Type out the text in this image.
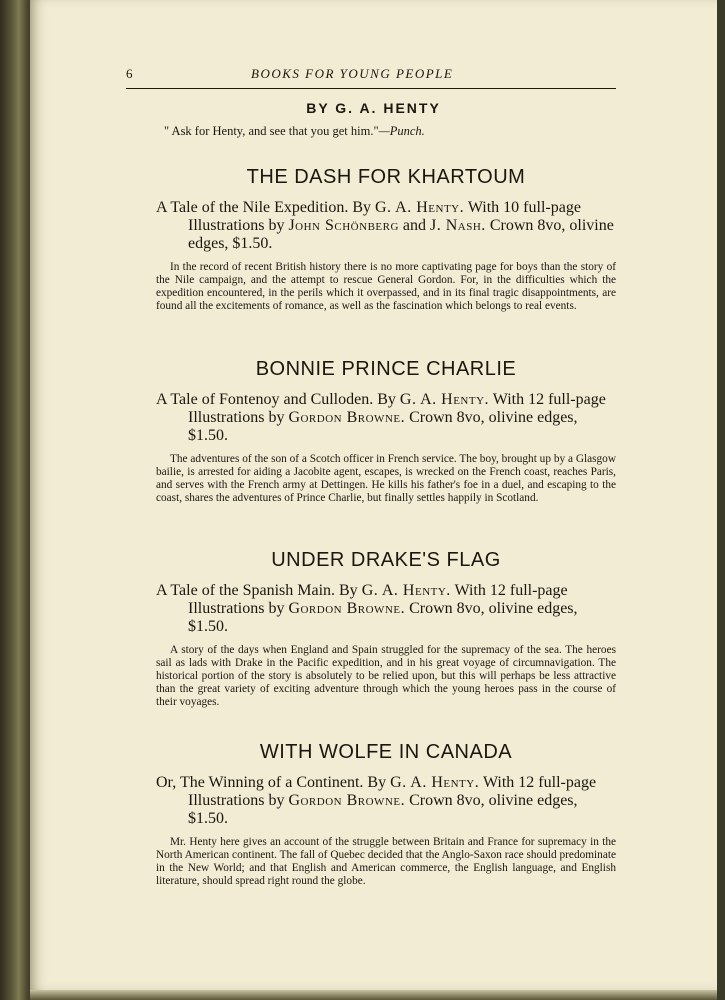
6	BOOKS FOR YOUNG PEOPLE
BY G. A. HENTY
" Ask for Henty, and see that you get him."—Punch.
THE DASH FOR KHARTOUM

A Tale of the Nile Expedition. By G. A. Henty. With 10 full-page Illustrations by John Schönberg and J. Nash. Crown 8vo, olivine edges, $1.50.

In the record of recent British history there is no more captivating page for boys than the story of the Nile campaign, and the attempt to rescue General Gordon. For, in the difficulties which the expedition encountered, in the perils which it overpassed, and in its final tragic disappointments, are found all the excitements of romance, as well as the fascination which belongs to real events.

BONNIE PRINCE CHARLIE

A Tale of Fontenoy and Culloden. By G. A. Henty. With 12 full-page Illustrations by Gordon Browne. Crown 8vo, olivine edges, $1.50.

The adventures of the son of a Scotch officer in French service. The boy, brought up by a Glasgow bailie, is arrested for aiding a Jacobite agent, escapes, is wrecked on the French coast, reaches Paris, and serves with the French army at Dettingen. He kills his father's foe in a duel, and escaping to the coast, shares the adventures of Prince Charlie, but finally settles happily in Scotland.

UNDER DRAKE'S FLAG

A Tale of the Spanish Main. By G. A. Henty. With 12 full-page Illustrations by Gordon Browne. Crown 8vo, olivine edges, $1.50.

A story of the days when England and Spain struggled for the supremacy of the sea. The heroes sail as lads with Drake in the Pacific expedition, and in his great voyage of circumnavigation. The historical portion of the story is absolutely to be relied upon, but this will perhaps be less attractive than the great variety of exciting adventure through which the young heroes pass in the course of their voyages.

WITH WOLFE IN CANADA

Or, The Winning of a Continent. By G. A. Henty. With 12 full-page Illustrations by Gordon Browne. Crown 8vo, olivine edges, $1.50.

Mr. Henty here gives an account of the struggle between Britain and France for supremacy in the North American continent. The fall of Quebec decided that the Anglo-Saxon race should predominate in the New World; and that English and American commerce, the English language, and English literature, should spread right round the globe.
